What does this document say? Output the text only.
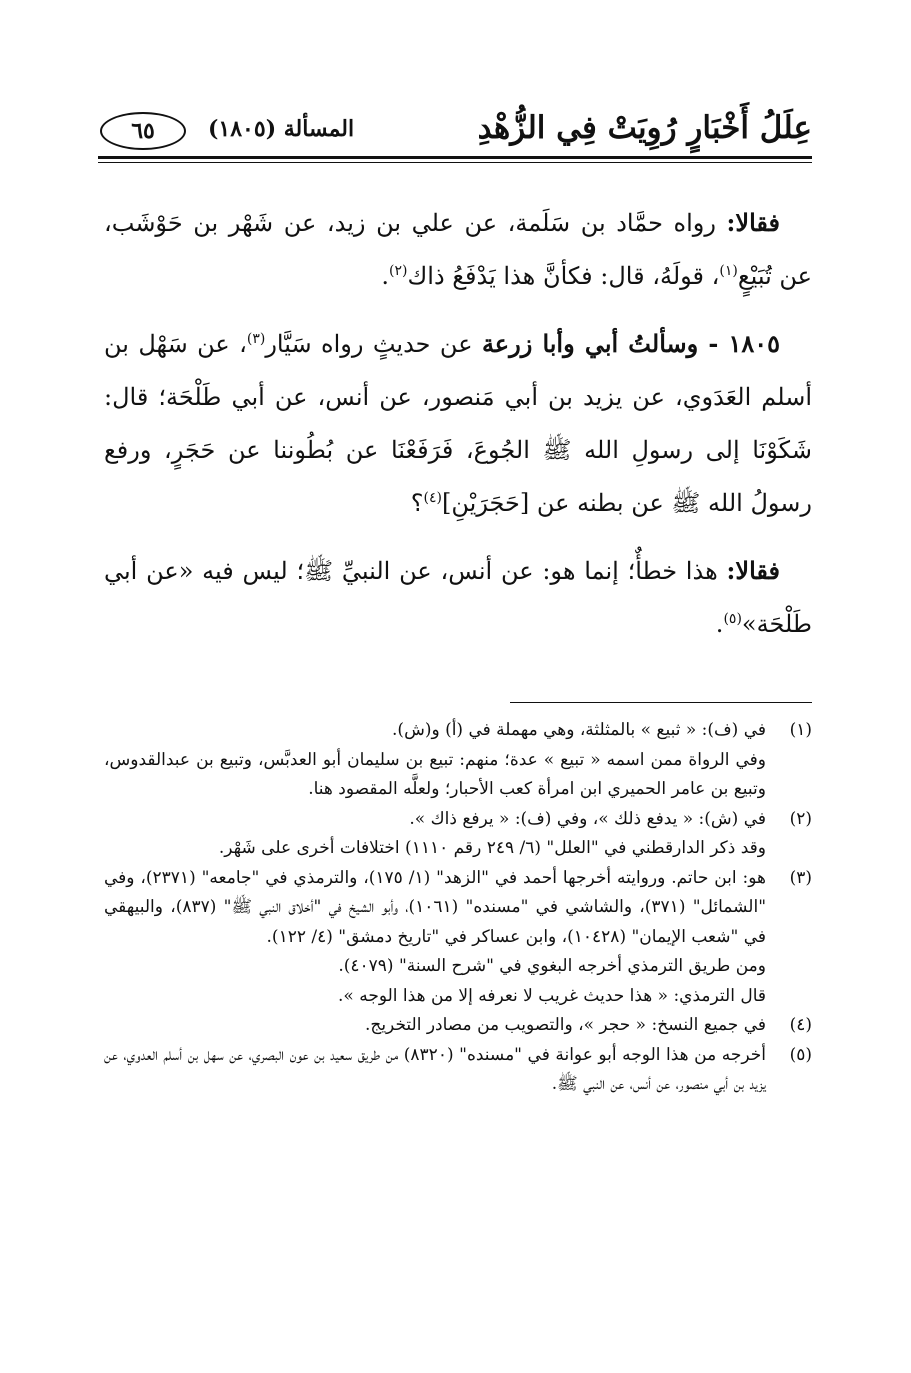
عِلَلُ أَخْبَارٍ رُوِيَتْ فِي الزُّهْدِ
المسألة (١٨٠٥)
٦٥

فقالا: رواه حمَّاد بن سَلَمة، عن علي بن زيد، عن شَهْر بن حَوْشَب، عن تُبَيْعٍ$^{(١)}$، قولَهُ، قال: فكأنَّ هذا يَدْفَعُ ذاك$^{(٢)}$.

١٨٠٥ - وسألتُ أبي وأبا زرعة عن حديثٍ رواه سَيَّار$^{(٣)}$، عن سَهْل بن أسلم العَدَوي، عن يزيد بن أبي مَنصور، عن أنس، عن أبي طَلْحَة؛ قال: شَكَوْنَا إلى رسولِ الله ﷺ الجُوعَ، فَرَفَعْنَا عن بُطُوننا عن حَجَرٍ، ورفع رسولُ الله ﷺ عن بطنه عن [حَجَرَيْنِ]$^{(٤)}$؟

فقالا: هذا خطأٌ؛ إنما هو: عن أنس، عن النبيِّ ﷺ؛ ليس فيه «عن أبي طَلْحَة»$^{(٥)}$.

(١)
في (ف): « ثبيع » بالمثلثة، وهي مهملة في (أ) و(ش).
وفي الرواة ممن اسمه « تبيع » عدة؛ منهم: تبيع بن سليمان أبو العدبَّس، وتبيع بن عبدالقدوس، وتبيع بن عامر الحميري ابن امرأة كعب الأحبار؛ ولعلَّه المقصود هنا.
(٢)
في (ش): « يدفع ذلك »، وفي (ف): « يرفع ذاك ».
وقد ذكر الدارقطني في "العلل" (٦/ ٢٤٩ رقم ١١١٠) اختلافات أخرى على شَهْر.
(٣)
هو: ابن حاتم. وروايته أخرجها أحمد في "الزهد" (١/ ١٧٥)، والترمذي في "جامعه" (٢٣٧١)، وفي "الشمائل" (٣٧١)، والشاشي في "مسنده" (١٠٦١)، وأبو الشيخ في "أخلاق النبي ﷺ" (٨٣٧)، والبيهقي في "شعب الإيمان" (١٠٤٢٨)، وابن عساكر في "تاريخ دمشق" (٤/ ١٢٢).
ومن طريق الترمذي أخرجه البغوي في "شرح السنة" (٤٠٧٩).
قال الترمذي: « هذا حديث غريب لا نعرفه إلا من هذا الوجه ».
(٤)
في جميع النسخ: « حجر »، والتصويب من مصادر التخريج.
(٥)
أخرجه من هذا الوجه أبو عوانة في "مسنده" (٨٣٢٠) من طريق سعيد بن عون البصري، عن سهل بن أسلم العدوي، عن يزيد بن أبي منصور، عن أنس، عن النبي ﷺ.
